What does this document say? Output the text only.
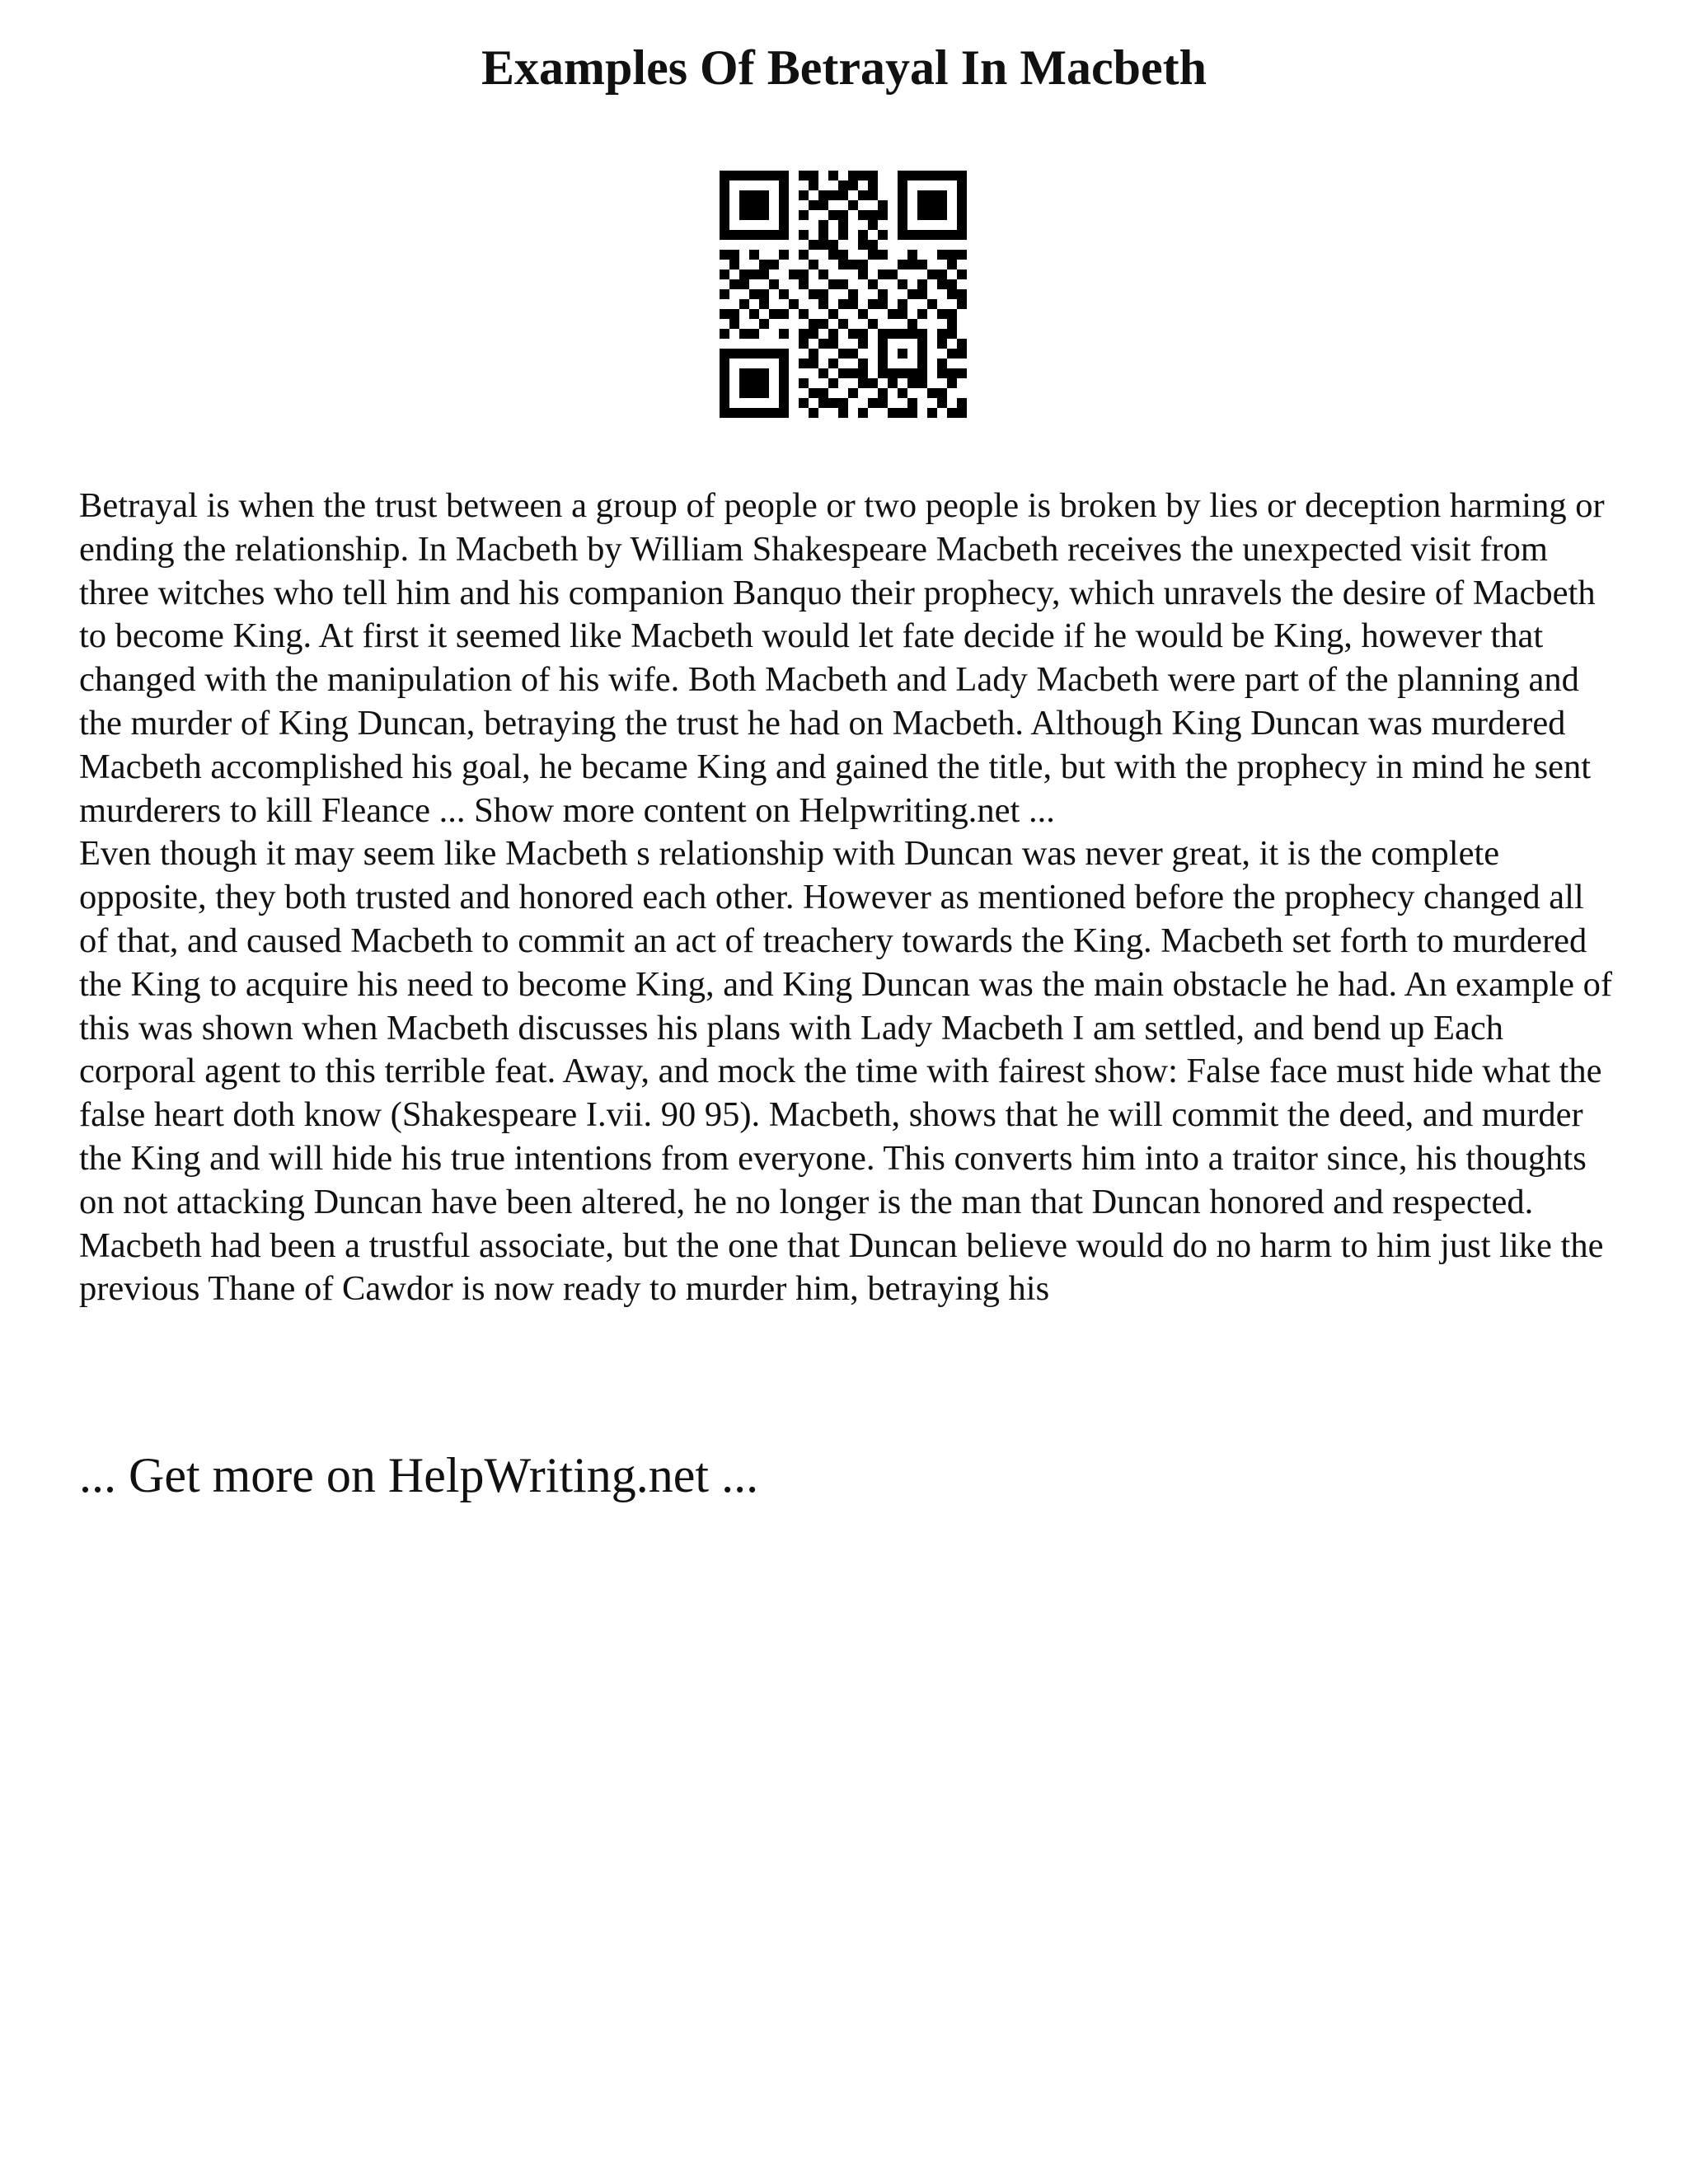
Examples Of Betrayal In Macbeth

Betrayal is when the trust between a group of people or two people is broken by lies or deception harming or ending the relationship. In Macbeth by William Shakespeare Macbeth receives the unexpected visit from three witches who tell him and his companion Banquo their prophecy, which unravels the desire of Macbeth to become King. At first it seemed like Macbeth would let fate decide if he would be King, however that changed with the manipulation of his wife. Both Macbeth and Lady Macbeth were part of the planning and the murder of King Duncan, betraying the trust he had on Macbeth. Although King Duncan was murdered Macbeth accomplished his goal, he became King and gained the title, but with the prophecy in mind he sent murderers to kill Fleance ... Show more content on Helpwriting.net ...

Even though it may seem like Macbeth s relationship with Duncan was never great, it is the complete opposite, they both trusted and honored each other. However as mentioned before the prophecy changed all of that, and caused Macbeth to commit an act of treachery towards the King. Macbeth set forth to murdered the King to acquire his need to become King, and King Duncan was the main obstacle he had. An example of this was shown when Macbeth discusses his plans with Lady Macbeth I am settled, and bend up Each corporal agent to this terrible feat. Away, and mock the time with fairest show: False face must hide what the false heart doth know (Shakespeare I.vii. 90 95). Macbeth, shows that he will commit the deed, and murder the King and will hide his true intentions from everyone. This converts him into a traitor since, his thoughts on not attacking Duncan have been altered, he no longer is the man that Duncan honored and respected. Macbeth had been a trustful associate, but the one that Duncan believe would do no harm to him just like the previous Thane of Cawdor is now ready to murder him, betraying his

... Get more on HelpWriting.net ...
